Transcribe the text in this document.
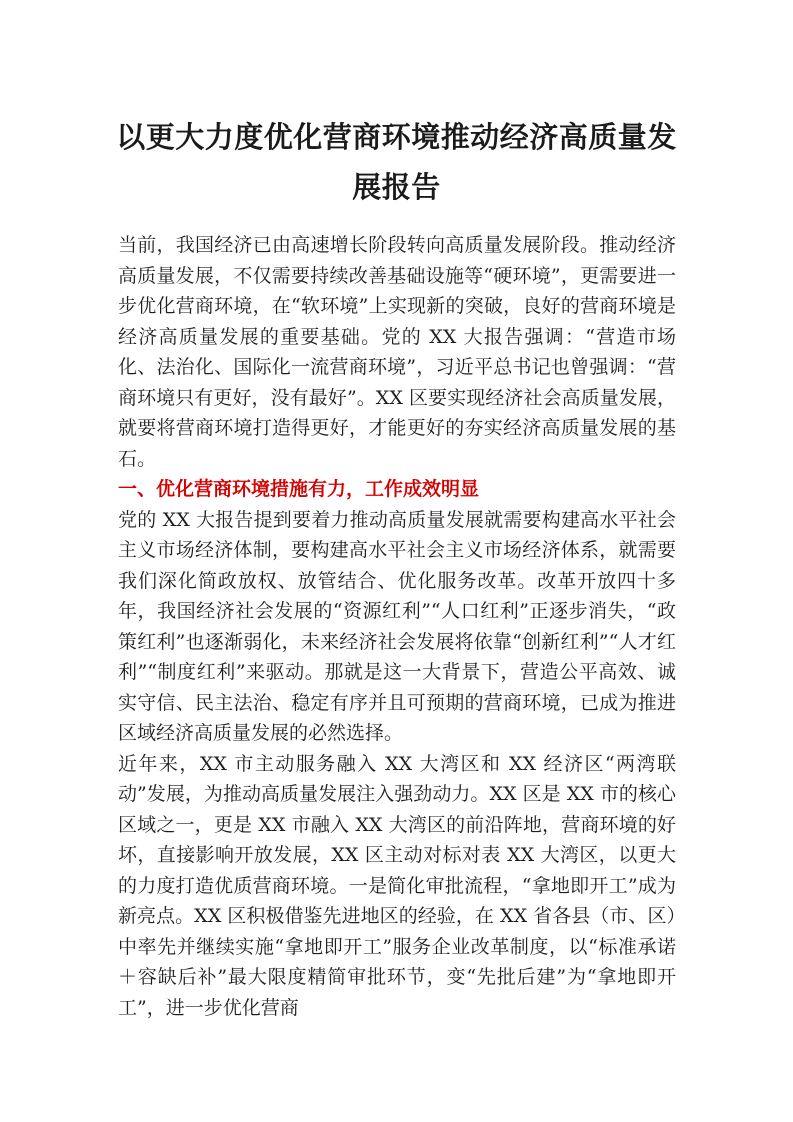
以更大力度优化营商环境推动经济高质量发展报告

当前，我国经济已由高速增长阶段转向高质量发展阶段。推动经济高质量发展，不仅需要持续改善基础设施等“硬环境”，更需要进一步优化营商环境，在“软环境”上实现新的突破，良好的营商环境是经济高质量发展的重要基础。党的 XX 大报告强调：“营造市场化、法治化、国际化一流营商环境”，习近平总书记也曾强调：“营商环境只有更好，没有最好”。XX 区要实现经济社会高质量发展，就要将营商环境打造得更好，才能更好的夯实经济高质量发展的基石。

一、优化营商环境措施有力，工作成效明显

党的 XX 大报告提到要着力推动高质量发展就需要构建高水平社会主义市场经济体制，要构建高水平社会主义市场经济体系，就需要我们深化简政放权、放管结合、优化服务改革。改革开放四十多年，我国经济社会发展的“资源红利”“人口红利”正逐步消失，“政策红利”也逐渐弱化，未来经济社会发展将依靠“创新红利”“人才红利”“制度红利”来驱动。那就是这一大背景下，营造公平高效、诚实守信、民主法治、稳定有序并且可预期的营商环境，已成为推进区域经济高质量发展的必然选择。

近年来，XX 市主动服务融入 XX 大湾区和 XX 经济区“两湾联动”发展，为推动高质量发展注入强劲动力。XX 区是 XX 市的核心区域之一，更是 XX 市融入 XX 大湾区的前沿阵地，营商环境的好坏，直接影响开放发展，XX 区主动对标对表 XX 大湾区，以更大的力度打造优质营商环境。一是简化审批流程，“拿地即开工”成为新亮点。XX 区积极借鉴先进地区的经验，在 XX 省各县（市、区）中率先并继续实施“拿地即开工”服务企业改革制度，以“标准承诺＋容缺后补”最大限度精简审批环节，变“先批后建”为“拿地即开工”，进一步优化营商
